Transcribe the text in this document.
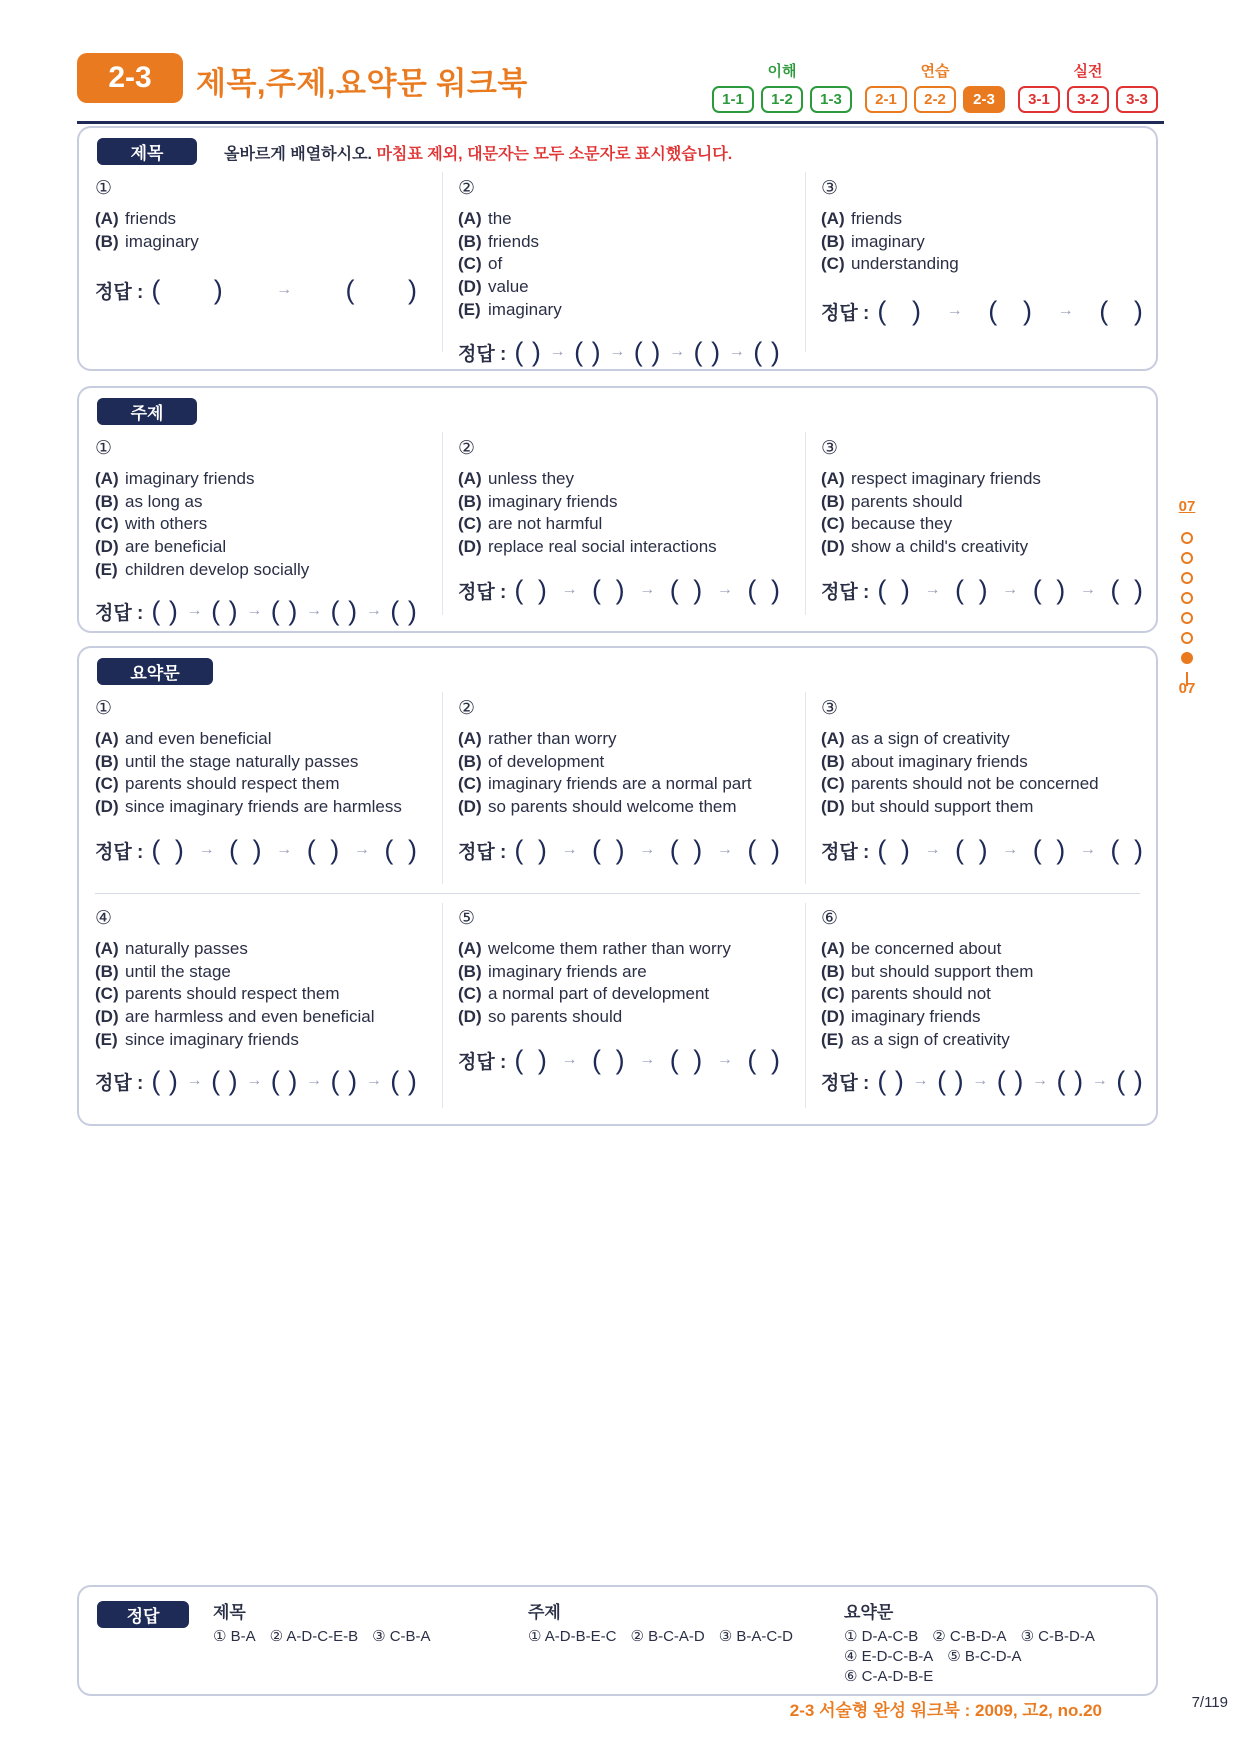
2-3	제목,주제,요약문 워크북	이해	연습	실전
1-1	1-2	1-3	2-1	2-2	2-3	3-1	3-2	3-3
제목	올바르게 배열하시오. 마침표 제외, 대문자는 모두 소문자로 표시했습니다.
①
(A) friends
(B) imaginary
정답 : ( )	→ ( )
②
(A) the
(B) friends
(C) of
(D) value
(E) imaginary
정답 : ( ) → ( ) → ( ) → ( ) → ( )
③
(A) friends
(B) imaginary
(C) understanding
정답 : ( ) → ( ) → ( )
주제
①
(A) imaginary friends
(B) as long as
(C) with others
(D) are beneficial
(E) children develop socially
정답 : ( ) → ( ) → ( ) → ( ) → ( )
②
(A) unless they
(B) imaginary friends
(C) are not harmful
(D) replace real social interactions
정답 : ( ) → ( ) → ( ) → ( )
③
(A) respect imaginary friends
(B) parents should
(C) because they
(D) show a child's creativity
정답 : ( ) → ( ) → ( ) → ( )
요약문
①
(A) and even beneficial
(B) until the stage naturally passes
(C) parents should respect them
(D) since imaginary friends are harmless
정답 : ( ) → ( ) → ( ) → ( )
②
(A) rather than worry
(B) of development
(C) imaginary friends are a normal part
(D) so parents should welcome them
정답 : ( ) → ( ) → ( ) → ( )
③
(A) as a sign of creativity
(B) about imaginary friends
(C) parents should not be concerned
(D) but should support them
정답 : ( ) → ( ) → ( ) → ( )
④
(A) naturally passes
(B) until the stage
(C) parents should respect them
(D) are harmless and even beneficial
(E) since imaginary friends
정답 : ( ) → ( ) → ( ) → ( ) → ( )
⑤
(A) welcome them rather than worry
(B) imaginary friends are
(C) a normal part of development
(D) so parents should
정답 : ( ) → ( ) → ( ) → ( )
⑥
(A) be concerned about
(B) but should support them
(C) parents should not
(D) imaginary friends
(E) as a sign of creativity
정답 : ( ) → ( ) → ( ) → ( ) → ( )
07
07
정답	제목
① B-A ② A-D-C-E-B ③ C-B-A
주제
① A-D-B-E-C ② B-C-A-D ③ B-A-C-D
요약문
① D-A-C-B ② C-B-D-A ③ C-B-D-A
④ E-D-C-B-A ⑤ B-C-D-A
⑥ C-A-D-B-E
2-3 서술형 완성 워크북 : 2009, 고2, no.20	7/119
